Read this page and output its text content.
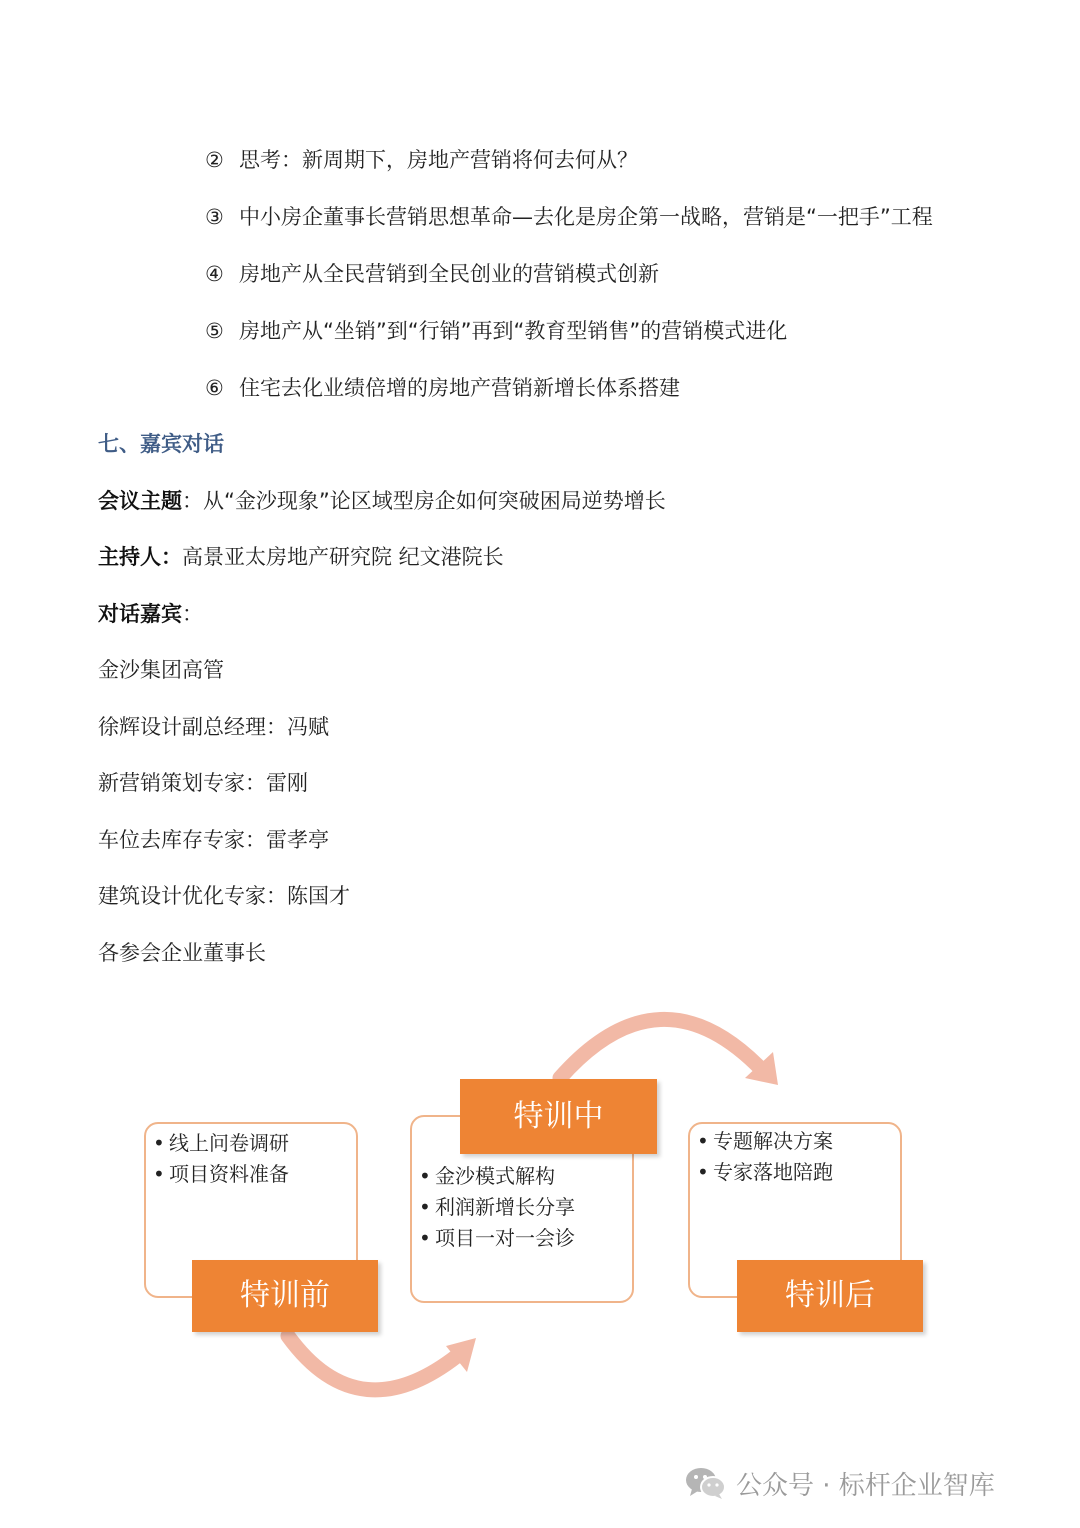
② 思考：新周期下，房地产营销将何去何从？
③ 中小房企董事长营销思想革命—去化是房企第一战略，营销是“一把手”工程
④ 房地产从全民营销到全民创业的营销模式创新
⑤ 房地产从“坐销”到“行销”再到“教育型销售”的营销模式进化
⑥ 住宅去化业绩倍增的房地产营销新增长体系搭建
七、嘉宾对话
会议主题：从“金沙现象”论区域型房企如何突破困局逆势增长
主持人：高景亚太房地产研究院 纪文港院长
对话嘉宾：
金沙集团高管
徐辉设计副总经理：冯赋
新营销策划专家：雷刚
车位去库存专家：雷孝亭
建筑设计优化专家：陈国才
各参会企业董事长
• 线上问卷调研
• 项目资料准备
特训前
特训中
• 金沙模式解构
• 利润新增长分享
• 项目一对一会诊
• 专题解决方案
• 专家落地陪跑
特训后
公众号 · 标杆企业智库
